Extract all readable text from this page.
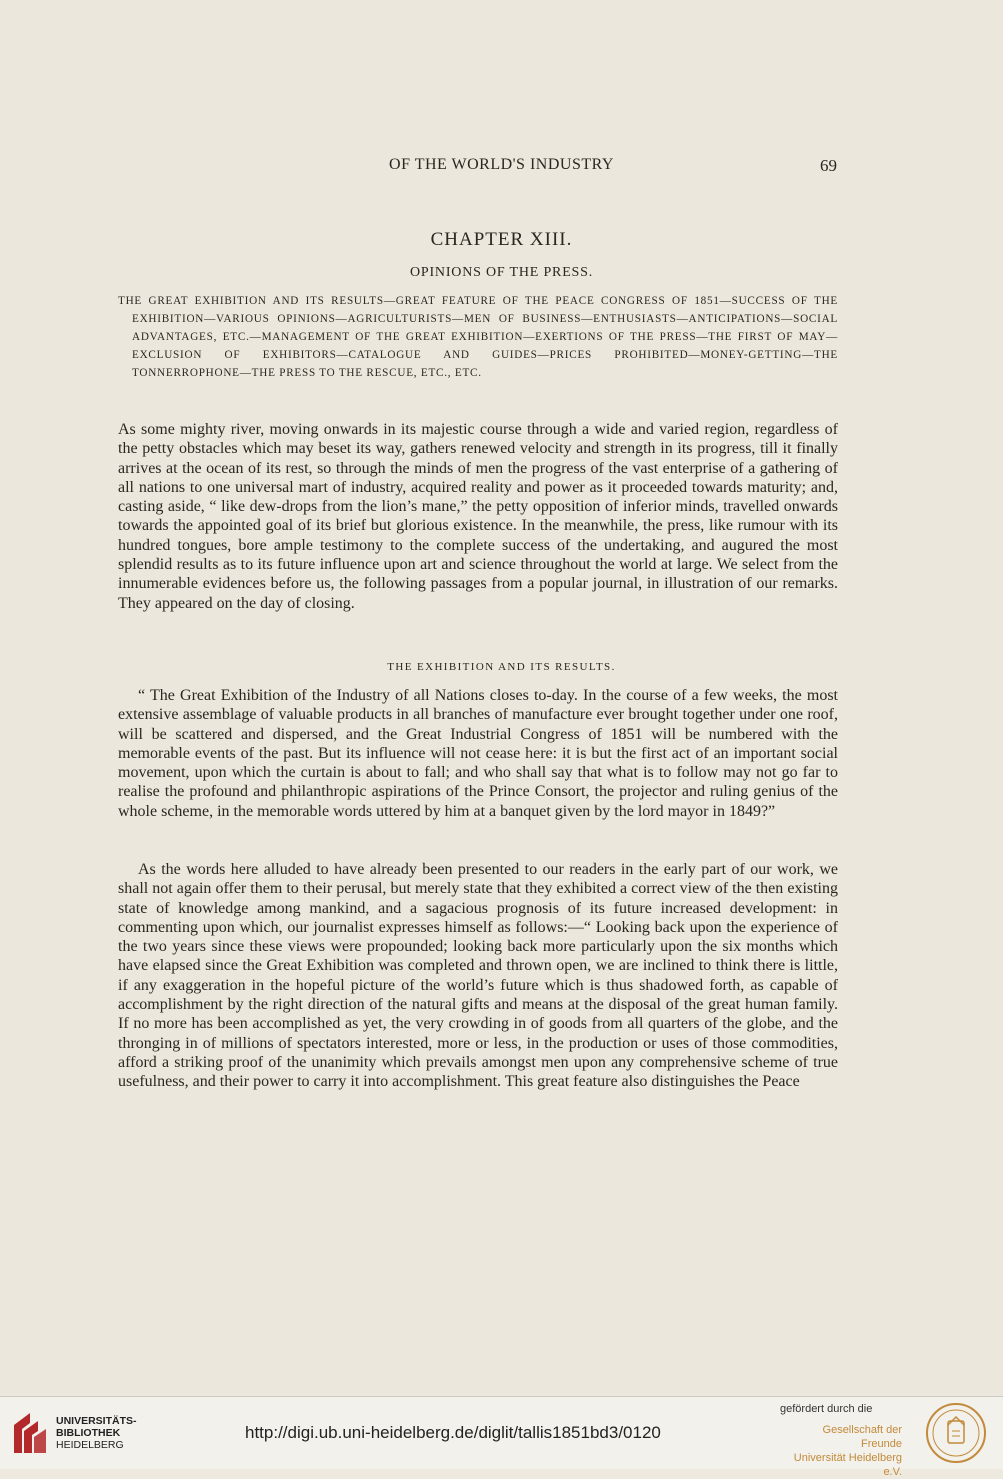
OF THE WORLD'S INDUSTRY	69
CHAPTER XIII.
OPINIONS OF THE PRESS.

THE GREAT EXHIBITION AND ITS RESULTS—GREAT FEATURE OF THE PEACE CONGRESS OF 1851—SUCCESS OF THE EXHIBITION—VARIOUS OPINIONS—AGRICULTURISTS—MEN OF BUSINESS—ENTHUSIASTS—ANTICIPATIONS—SOCIAL ADVANTAGES, ETC.—MANAGEMENT OF THE GREAT EXHIBITION—EXERTIONS OF THE PRESS—THE FIRST OF MAY—EXCLUSION OF EXHIBITORS—CATALOGUE AND GUIDES—PRICES PROHIBITED—MONEY-GETTING—THE TONNERROPHONE—THE PRESS TO THE RESCUE, ETC., ETC.

As some mighty river, moving onwards in its majestic course through a wide and varied region, regardless of the petty obstacles which may beset its way, gathers renewed velocity and strength in its progress, till it finally arrives at the ocean of its rest, so through the minds of men the progress of the vast enterprise of a gathering of all nations to one universal mart of industry, acquired reality and power as it proceeded towards maturity; and, casting aside, “ like dew-drops from the lion’s mane,” the petty opposition of inferior minds, travelled onwards towards the appointed goal of its brief but glorious existence. In the meanwhile, the press, like rumour with its hundred tongues, bore ample testimony to the complete success of the undertaking, and augured the most splendid results as to its future influence upon art and science throughout the world at large. We select from the innumerable evidences before us, the following passages from a popular journal, in illustration of our remarks. They appeared on the day of closing.

THE EXHIBITION AND ITS RESULTS.

“ The Great Exhibition of the Industry of all Nations closes to-day. In the course of a few weeks, the most extensive assemblage of valuable products in all branches of manufacture ever brought together under one roof, will be scattered and dispersed, and the Great Industrial Congress of 1851 will be numbered with the memorable events of the past. But its influence will not cease here: it is but the first act of an important social movement, upon which the curtain is about to fall; and who shall say that what is to follow may not go far to realise the profound and philanthropic aspirations of the Prince Consort, the projector and ruling genius of the whole scheme, in the memorable words uttered by him at a banquet given by the lord mayor in 1849?”

As the words here alluded to have already been presented to our readers in the early part of our work, we shall not again offer them to their perusal, but merely state that they exhibited a correct view of the then existing state of knowledge among mankind, and a sagacious prognosis of its future increased development: in commenting upon which, our journalist expresses himself as follows:—“ Looking back upon the experience of the two years since these views were propounded; looking back more particularly upon the six months which have elapsed since the Great Exhibition was completed and thrown open, we are inclined to think there is little, if any exaggeration in the hopeful picture of the world’s future which is thus shadowed forth, as capable of accomplishment by the right direction of the natural gifts and means at the disposal of the great human family. If no more has been accomplished as yet, the very crowding in of goods from all quarters of the globe, and the thronging in of millions of spectators interested, more or less, in the production or uses of those commodities, afford a striking proof of the unanimity which prevails amongst men upon any comprehensive scheme of true usefulness, and their power to carry it into accomplishment. This great feature also distinguishes the Peace

UNIVERSITÄTS-
BIBLIOTHEK
HEIDELBERG
http://digi.ub.uni-heidelberg.de/diglit/tallis1851bd3/0120
gefördert durch die
Gesellschaft der Freunde
Universität Heidelberg e.V.
